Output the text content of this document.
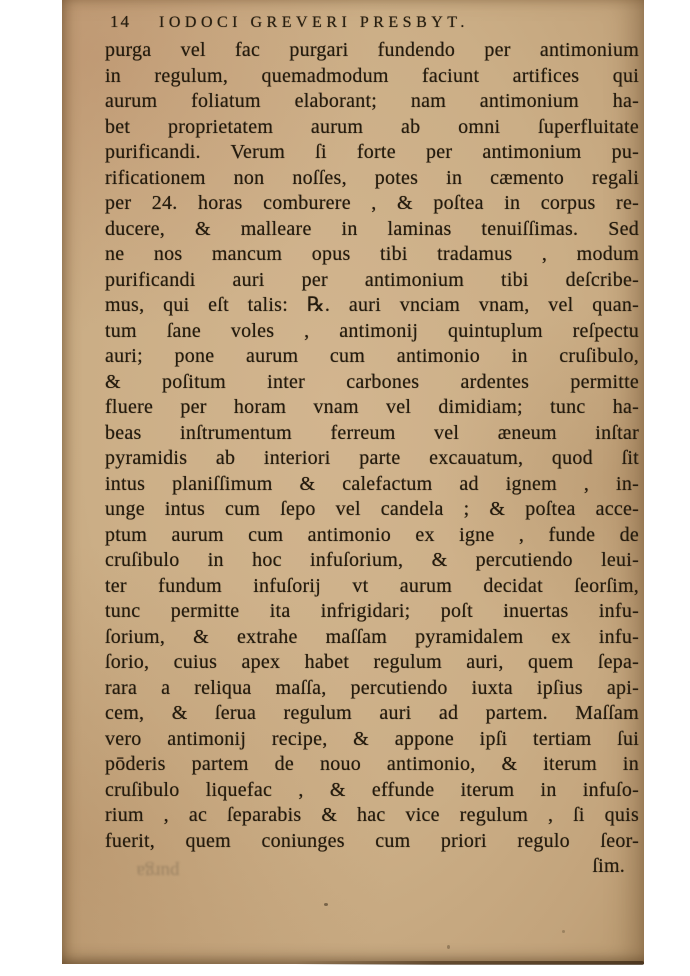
14 IODOCI GREVERI PRESBYT.
purga vel fac purgari fundendo per antimonium
in regulum, quemadmodum faciunt artifices qui
aurum foliatum elaborant; nam antimonium ha-
bet proprietatem aurum ab omni ſuperfluitate
purificandi. Verum ſi forte per antimonium pu-
rificationem non noſſes, potes in cæmento regali
per 24. horas comburere , & poſtea in corpus re-
ducere, & malleare in laminas tenuiſſimas. Sed
ne nos mancum opus tibi tradamus , modum
purificandi auri per antimonium tibi deſcribe-
mus, qui eſt talis: ℞. auri vnciam vnam, vel quan-
tum ſane voles , antimonij quintuplum reſpectu
auri; pone aurum cum antimonio in cruſibulo,
& poſitum inter carbones ardentes permitte
fluere per horam vnam vel dimidiam; tunc ha-
beas inſtrumentum ferreum vel æneum inſtar
pyramidis ab interiori parte excauatum, quod ſit
intus planiſſimum & calefactum ad ignem , in-
unge intus cum ſepo vel candela ; & poſtea acce-
ptum aurum cum antimonio ex igne , funde de
cruſibulo in hoc infuſorium, & percutiendo leui-
ter fundum infuſorij vt aurum decidat ſeorſim,
tunc permitte ita infrigidari; poſt inuertas infu-
ſorium, & extrahe maſſam pyramidalem ex infu-
ſorio, cuius apex habet regulum auri, quem ſepa-
rara a reliqua maſſa, percutiendo iuxta ipſius api-
cem, & ſerua regulum auri ad partem. Maſſam
vero antimonij recipe, & appone ipſi tertiam ſui
pōderis partem de nouo antimonio, & iterum in
cruſibulo liquefac , & effunde iterum in infuſo-
rium , ac ſeparabis & hac vice regulum , ſi quis
fuerit, quem coniunges cum priori regulo ſeor-
ſim.
purga
